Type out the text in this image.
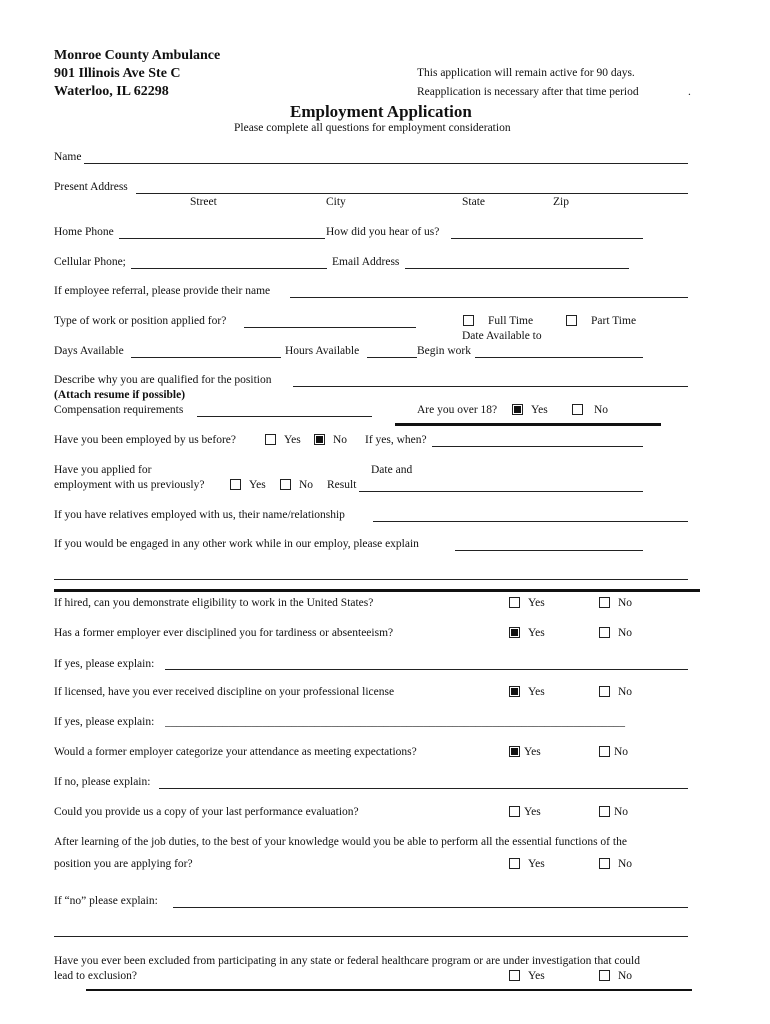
Monroe County Ambulance
901 Illinois Ave Ste C
Waterloo, IL 62298
This application will remain active for 90 days.
Reapplication is necessary after that time period	.
Employment Application
Please complete all questions for employment consideration
Name
Present Address
Street	City	State	Zip
Home Phone	How did you hear of us?
Cellular Phone;	Email Address
If employee referral, please provide their name
Type of work or position applied for?	Full Time	Part Time
Date Available to
Days Available	Hours Available	Begin work
Describe why you are qualified for the position
(Attach resume if possible)
Compensation requirements	Are you over 18?	Yes	No
Have you been employed by us before?	Yes	No If yes, when?
Have you applied for	Date and
employment with us previously?	Yes	No Result
If you have relatives employed with us, their name/relationship
If you would be engaged in any other work while in our employ, please explain
If hired, can you demonstrate eligibility to work in the United States?	Yes	No
Has a former employer ever disciplined you for tardiness or absenteeism?	Yes	No
If yes, please explain:
If licensed, have you ever received discipline on your professional license	Yes	No
If yes, please explain: ________________________________________________________________________________
Would a former employer categorize your attendance as meeting expectations?	Yes	No
If no, please explain:
Could you provide us a copy of your last performance evaluation?	Yes	No
After learning of the job duties, to the best of your knowledge would you be able to perform all the essential functions of the
position you are applying for?	Yes	No
If “no” please explain:
Have you ever been excluded from participating in any state or federal healthcare program or are under investigation that could
lead to exclusion?	Yes	No
